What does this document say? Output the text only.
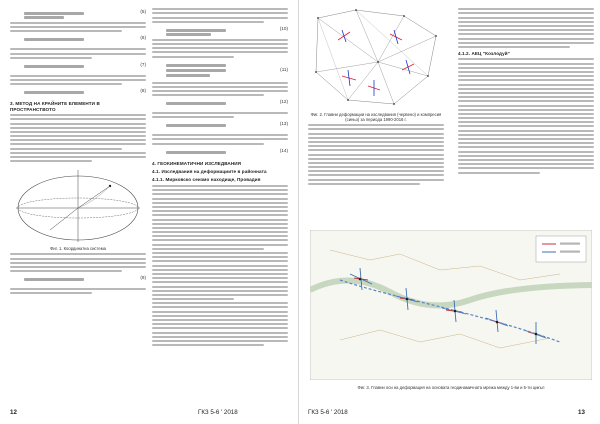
(5)
(6)
(7)
(8)
3. МЕТОД НА КРАЙНИТЕ ЕЛЕМЕНТИ В ПРОСТРАНСТВОТО
Фиг. 1. Координатна система
(9)
(10)
(11)
(12)
(13)
(14)
4. ГЕОКИНЕМАТИЧНИ ИЗСЛЕДВАНИЯ
4.1. Изследвания на деформациите в районната
4.1.1. Мирковско сеизмо находище, Провадия
12	ГКЗ 5-6 ' 2018
Фиг. 2. Главни деформации на изследвания (червено) и компресия (синьо) за периода 1990-2016 г.
4.1.2. АЕЦ "Козлодуй"
Фиг. 3. Главни оси на деформация на основата геодинамичната мрежа между 1-ви и 5-ти цикъл
ГКЗ 5-6 ' 2018	13
